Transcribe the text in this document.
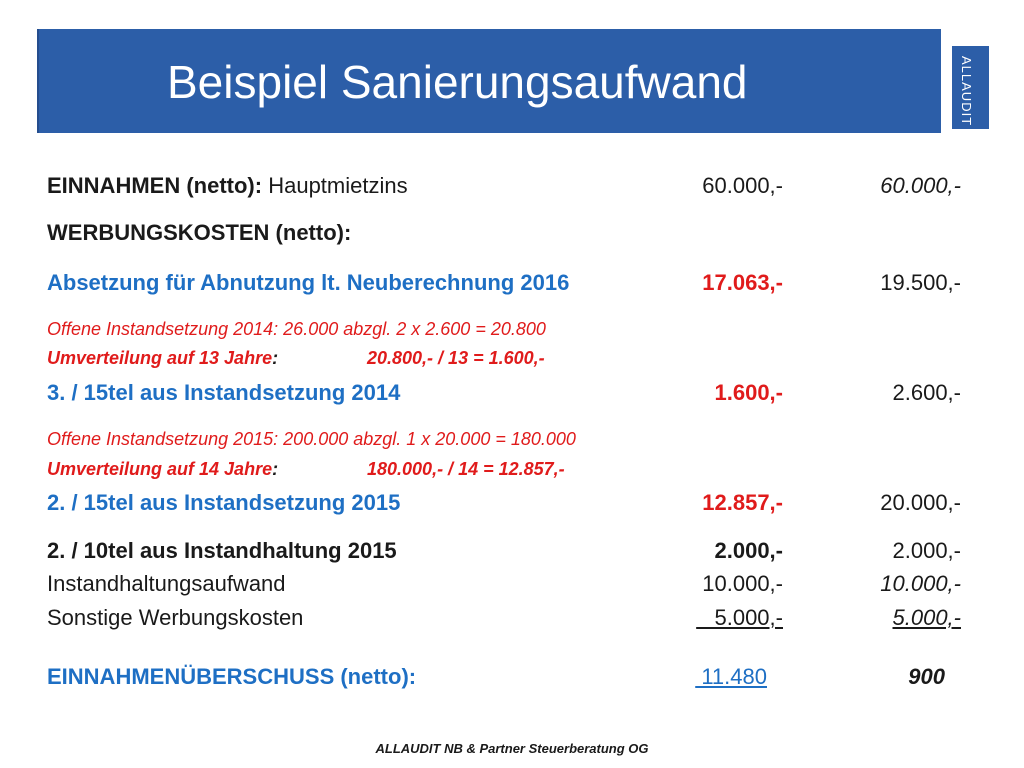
Beispiel Sanierungsaufwand	ALLAUDIT
EINNAHMEN (netto): Hauptmietzins	60.000,-	60.000,-
WERBUNGSKOSTEN (netto):
Absetzung für Abnutzung lt. Neuberechnung 2016	17.063,-	19.500,-
Offene Instandsetzung 2014: 26.000 abzgl. 2 x 2.600 = 20.800
Umverteilung auf 13 Jahre:	20.800,- / 13 = 1.600,-
3. / 15tel aus Instandsetzung 2014	1.600,-	2.600,-
Offene Instandsetzung 2015: 200.000 abzgl. 1 x 20.000 = 180.000
Umverteilung auf 14 Jahre:	180.000,- / 14 = 12.857,-
2. / 15tel aus Instandsetzung 2015	12.857,-	20.000,-
2. / 10tel aus Instandhaltung 2015	2.000,-	2.000,-
Instandhaltungsaufwand	10.000,-	10.000,-
Sonstige Werbungskosten	5.000,-	5.000,-
EINNAHMENÜBERSCHUSS (netto):	11.480	900
ALLAUDIT NB & Partner Steuerberatung OG
